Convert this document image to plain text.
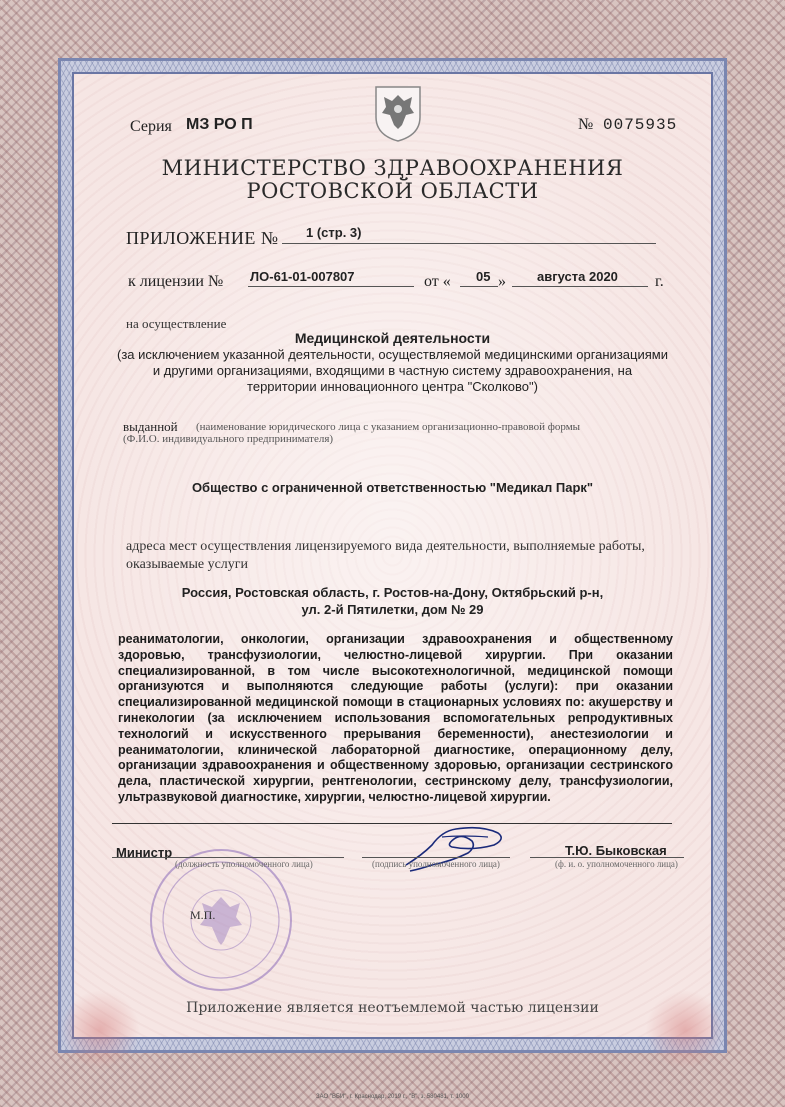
Серия МЗ РО П	№ 0075935
МИНИСТЕРСТВО ЗДРАВООХРАНЕНИЯ
РОСТОВСКОЙ ОБЛАСТИ
ПРИЛОЖЕНИЕ № 1 (стр. 3)
к лицензии № ЛО-61-01-007807	от « 05 » августа 2020 г.
на осуществление
Медицинской деятельности
(за исключением указанной деятельности, осуществляемой медицинскими организациями
и другими организациями, входящими в частную систему здравоохранения, на
территории инновационного центра "Сколково")
выданной (наименование юридического лица с указанием организационно-правовой формы
(Ф.И.О. индивидуального предпринимателя)
Общество с ограниченной ответственностью "Медикал Парк"
адреса мест осуществления лицензируемого вида деятельности, выполняемые работы, оказываемые услуги
Россия, Ростовская область, г. Ростов-на-Дону, Октябрьский р-н,
ул. 2-й Пятилетки, дом № 29
реаниматологии, онкологии, организации здравоохранения и общественному здоровью, трансфузиологии, челюстно-лицевой хирургии. При оказании специализированной, в том числе высокотехнологичной, медицинской помощи организуются и выполняются следующие работы (услуги): при оказании специализированной медицинской помощи в стационарных условиях по: акушерству и гинекологии (за исключением использования вспомогательных репродуктивных технологий и искусственного прерывания беременности), анестезиологии и реаниматологии, клинической лабораторной диагностике, операционному делу, организации здравоохранения и общественному здоровью, организации сестринского дела, пластической хирургии, рентгенологии, сестринскому делу, трансфузиологии, ультразвуковой диагностике, хирургии, челюстно-лицевой хирургии.
Министр
(должность уполномоченного лица)	(подпись уполномоченного лица)
Т.Ю. Быковская
(ф. и. о. уполномоченного лица)
М.П.
Приложение является неотъемлемой частью лицензии
ЗАО "ВБИ", г. Краснодар, 2019 г., "В", з. 580481, т. 1000
